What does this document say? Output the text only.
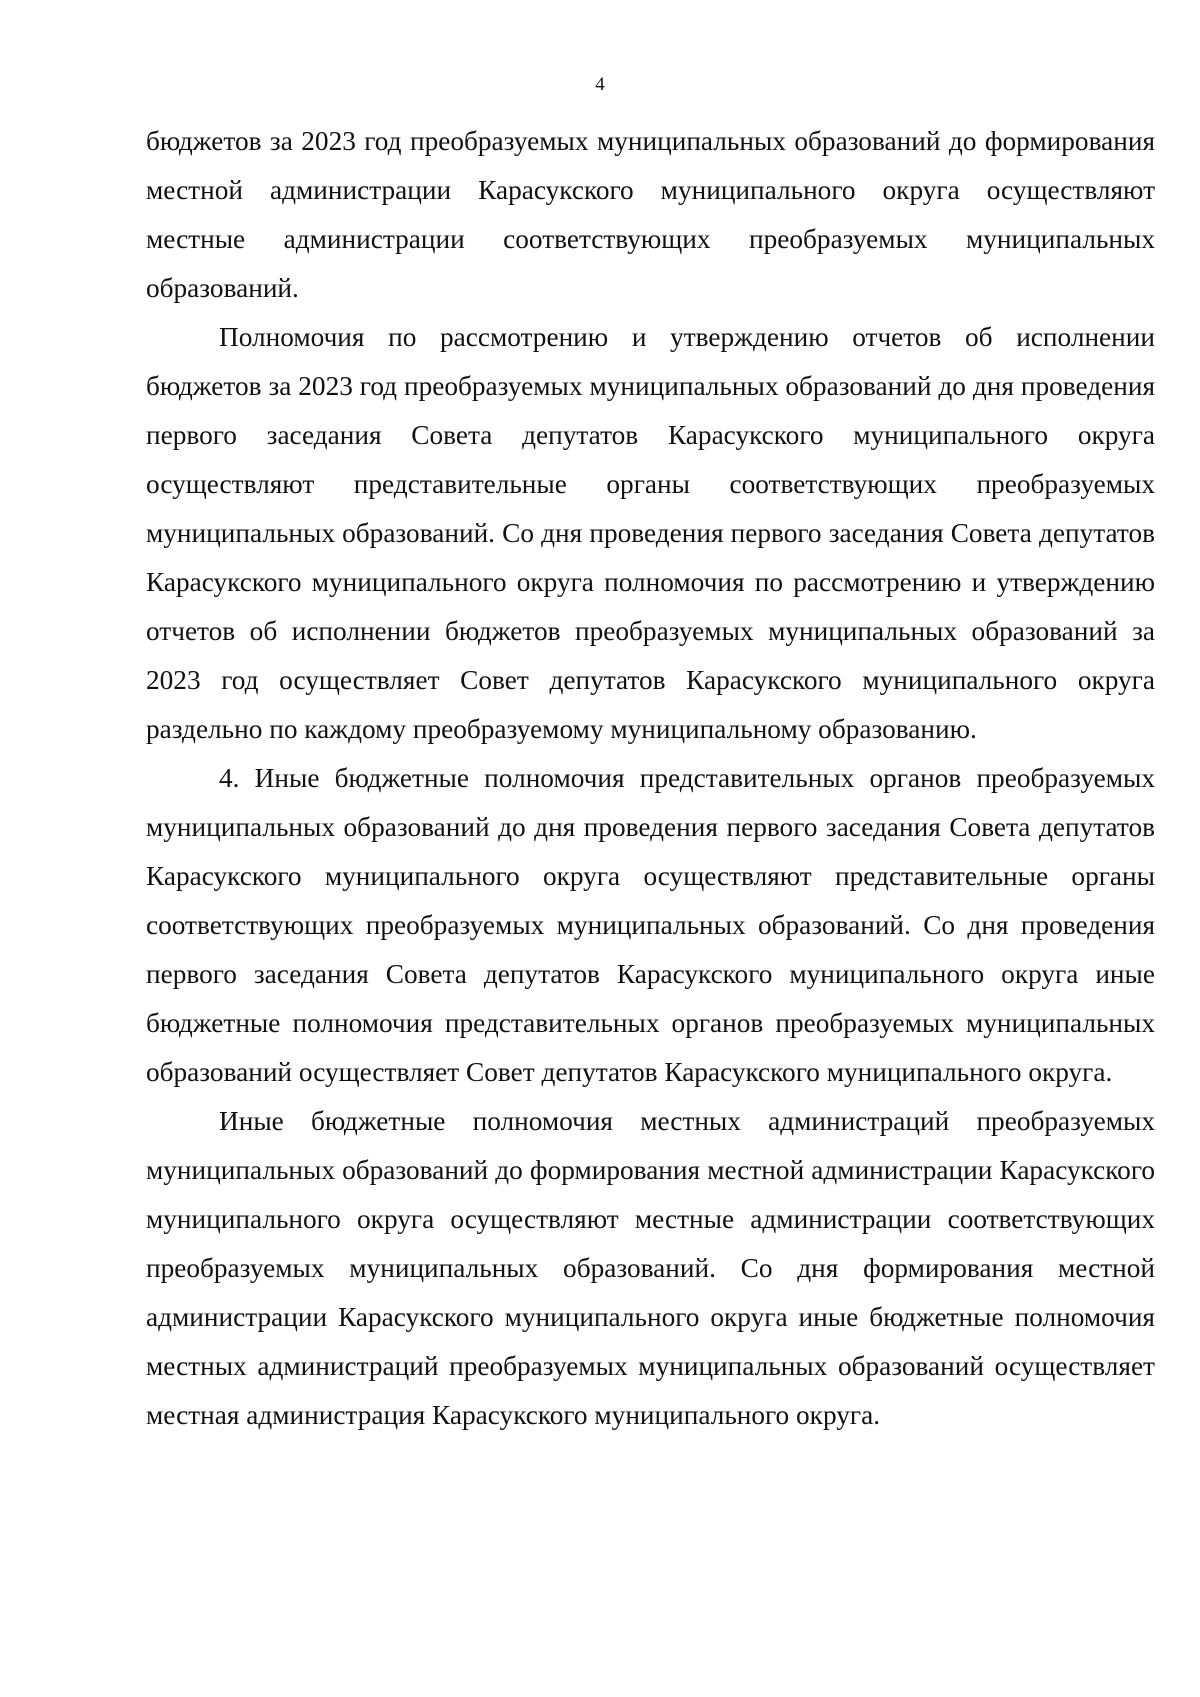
4

бюджетов за 2023 год преобразуемых муниципальных образований до формирования местной администрации Карасукского муниципального округа осуществляют местные администрации соответствующих преобразуемых муниципальных образований.

Полномочия по рассмотрению и утверждению отчетов об исполнении бюджетов за 2023 год преобразуемых муниципальных образований до дня проведения первого заседания Совета депутатов Карасукского муниципального округа осуществляют представительные органы соответствующих преобразуемых муниципальных образований. Со дня проведения первого заседания Совета депутатов Карасукского муниципального округа полномочия по рассмотрению и утверждению отчетов об исполнении бюджетов преобразуемых муниципальных образований за 2023 год осуществляет Совет депутатов Карасукского муниципального округа раздельно по каждому преобразуемому муниципальному образованию.

4. Иные бюджетные полномочия представительных органов преобразуемых муниципальных образований до дня проведения первого заседания Совета депутатов Карасукского муниципального округа осуществляют представительные органы соответствующих преобразуемых муниципальных образований. Со дня проведения первого заседания Совета депутатов Карасукского муниципального округа иные бюджетные полномочия представительных органов преобразуемых муниципальных образований осуществляет Совет депутатов Карасукского муниципального округа.

Иные бюджетные полномочия местных администраций преобразуемых муниципальных образований до формирования местной администрации Карасукского муниципального округа осуществляют местные администрации соответствующих преобразуемых муниципальных образований. Со дня формирования местной администрации Карасукского муниципального округа иные бюджетные полномочия местных администраций преобразуемых муниципальных образований осуществляет местная администрация Карасукского муниципального округа.
